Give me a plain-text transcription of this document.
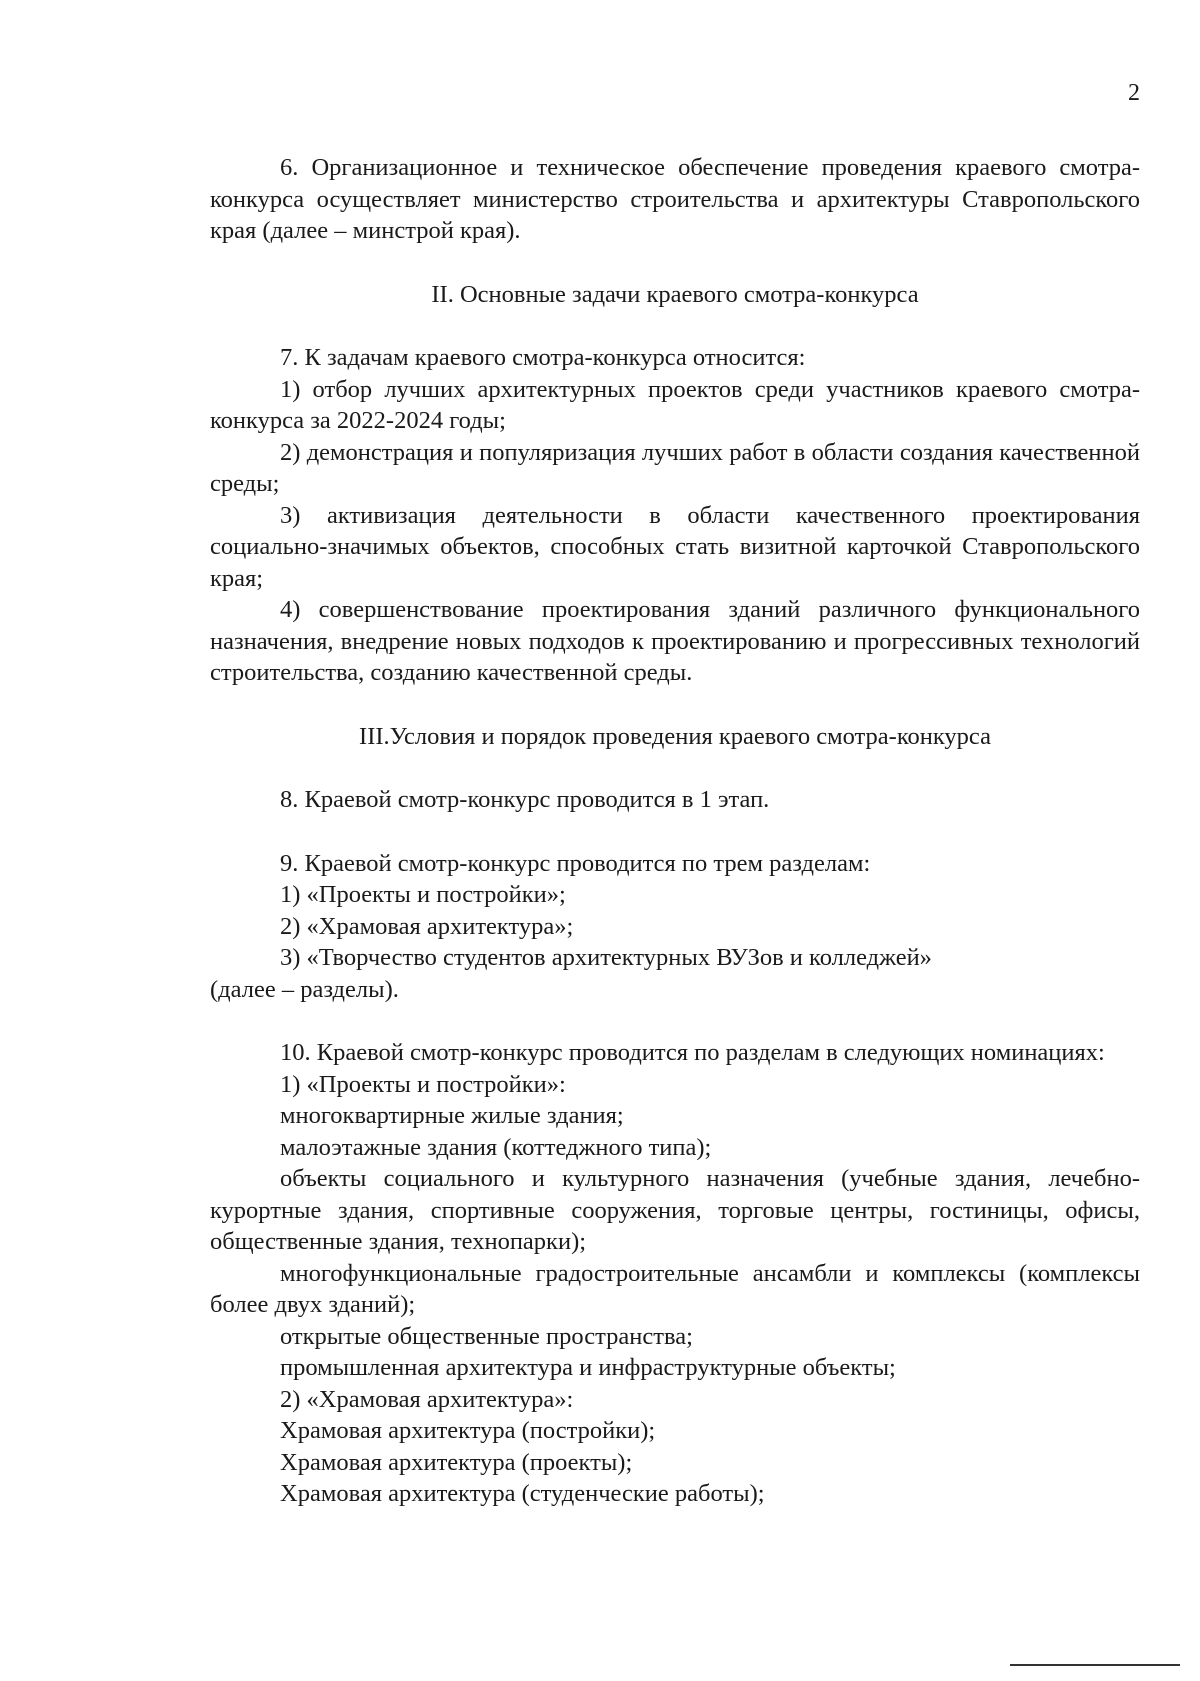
2

6. Организационное и техническое обеспечение проведения краевого смотра-конкурса осуществляет министерство строительства и архитектуры Ставропольского края (далее – минстрой края).

II. Основные задачи краевого смотра-конкурса

7. К задачам краевого смотра-конкурса относится:

1) отбор лучших архитектурных проектов среди участников краевого смотра-конкурса за 2022-2024 годы;

2) демонстрация и популяризация лучших работ в области создания качественной среды;

3) активизация деятельности в области качественного проектирования социально-значимых объектов, способных стать визитной карточкой Ставропольского края;

4) совершенствование проектирования зданий различного функционального назначения, внедрение новых подходов к проектированию и прогрессивных технологий строительства, созданию качественной среды.

III.Условия и порядок проведения краевого смотра-конкурса

8. Краевой смотр-конкурс проводится в 1 этап.

9. Краевой смотр-конкурс проводится по трем разделам:

1) «Проекты и постройки»;

2) «Храмовая архитектура»;

3) «Творчество студентов архитектурных ВУЗов и колледжей»

(далее – разделы).

10. Краевой смотр-конкурс проводится по разделам в следующих номинациях:

1) «Проекты и постройки»:

многоквартирные жилые здания;

малоэтажные здания (коттеджного типа);

объекты социального и культурного назначения (учебные здания, лечебно-курортные здания, спортивные сооружения, торговые центры, гостиницы, офисы, общественные здания, технопарки);

многофункциональные градостроительные ансамбли и комплексы (комплексы более двух зданий);

открытые общественные пространства;

промышленная архитектура и инфраструктурные объекты;

2) «Храмовая архитектура»:

Храмовая архитектура (постройки);

Храмовая архитектура (проекты);

Храмовая архитектура (студенческие работы);
